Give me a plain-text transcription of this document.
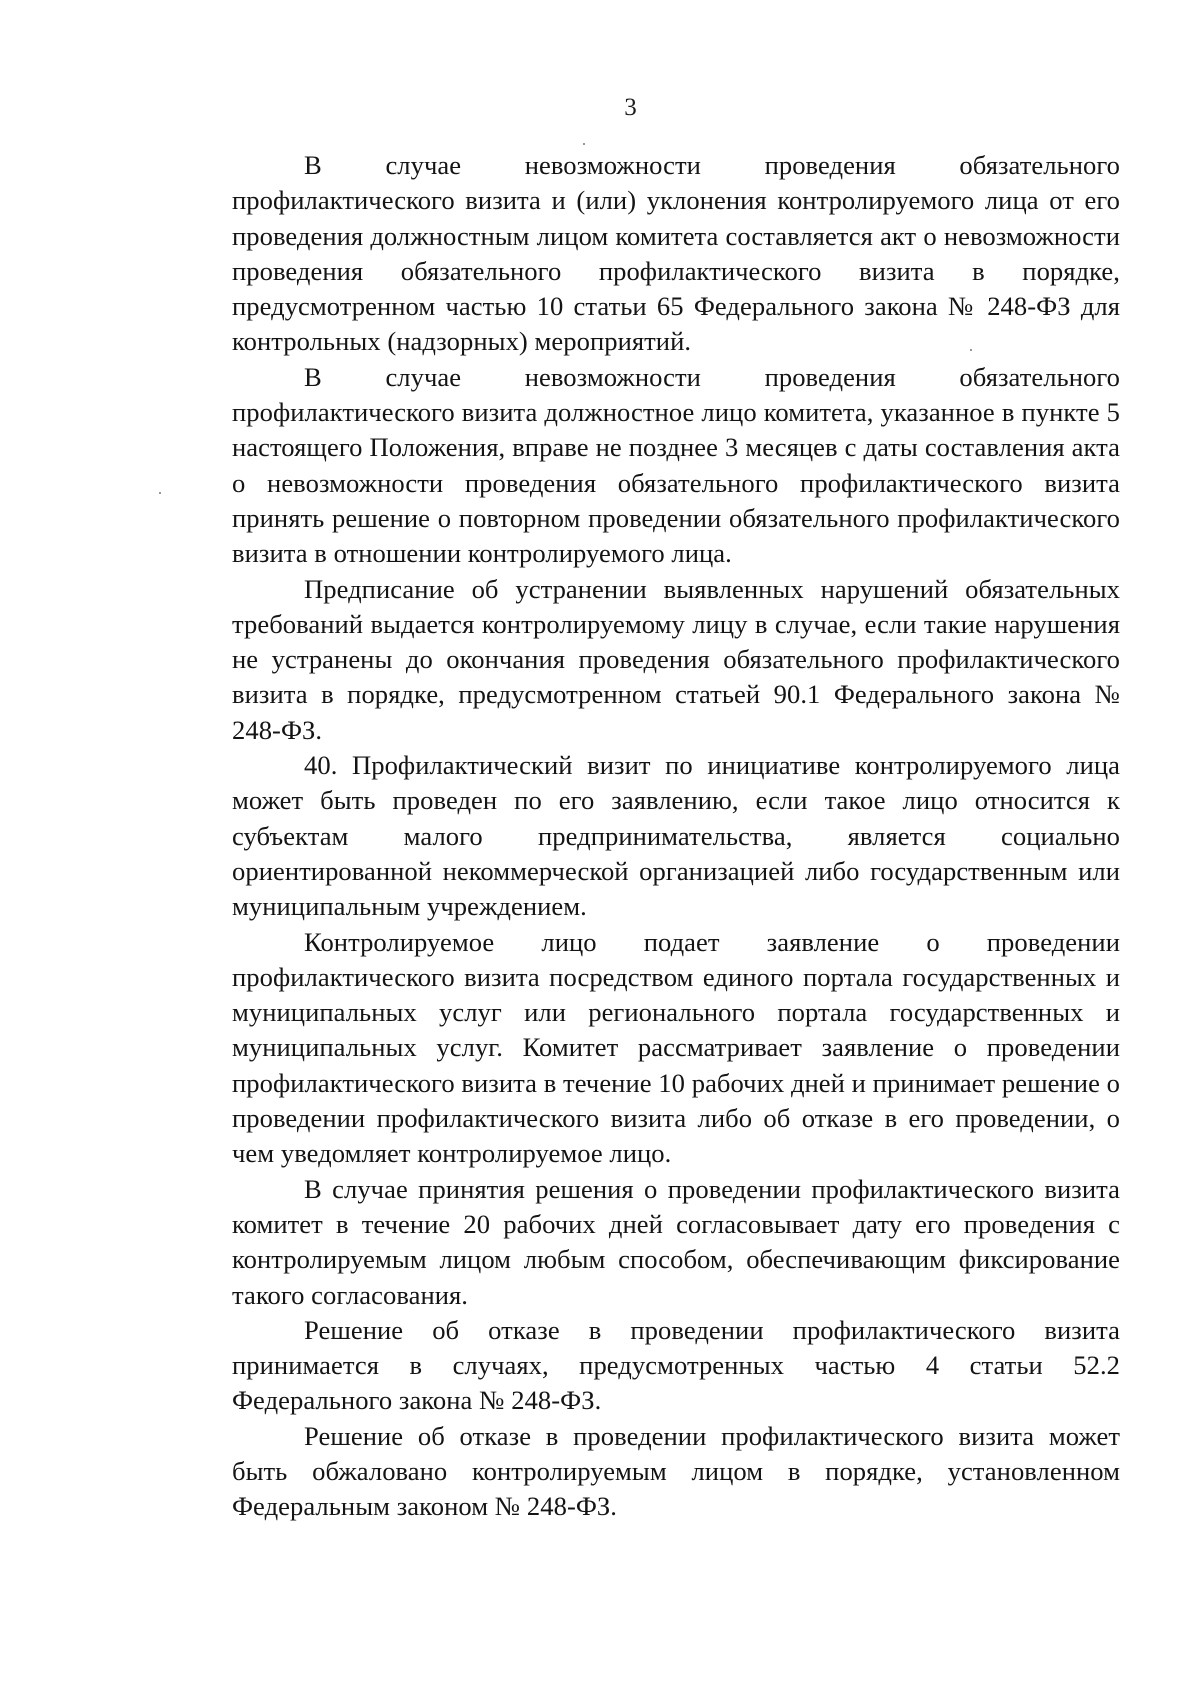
3

В случае невозможности проведения обязательного профилактического визита и (или) уклонения контролируемого лица от его проведения должностным лицом комитета составляется акт о невозможности проведения обязательного профилактического визита в порядке, предусмотренном частью 10 статьи 65 Федерального закона № 248-ФЗ для контрольных (надзорных) мероприятий.

В случае невозможности проведения обязательного профилактического визита должностное лицо комитета, указанное в пункте 5 настоящего Положения, вправе не позднее 3 месяцев с даты составления акта о невозможности проведения обязательного профилактического визита принять решение о повторном проведении обязательного профилактического визита в отношении контролируемого лица.

Предписание об устранении выявленных нарушений обязательных требований выдается контролируемому лицу в случае, если такие нарушения не устранены до окончания проведения обязательного профилактического визита в порядке, предусмотренном статьей 90.1 Федерального закона № 248-ФЗ.

40. Профилактический визит по инициативе контролируемого лица может быть проведен по его заявлению, если такое лицо относится к субъектам малого предпринимательства, является социально ориентированной некоммерческой организацией либо государственным или муниципальным учреждением.

Контролируемое лицо подает заявление о проведении профилактического визита посредством единого портала государственных и муниципальных услуг или регионального портала государственных и муниципальных услуг. Комитет рассматривает заявление о проведении профилактического визита в течение 10 рабочих дней и принимает решение о проведении профилактического визита либо об отказе в его проведении, о чем уведомляет контролируемое лицо.

В случае принятия решения о проведении профилактического визита комитет в течение 20 рабочих дней согласовывает дату его проведения с контролируемым лицом любым способом, обеспечивающим фиксирование такого согласования.

Решение об отказе в проведении профилактического визита принимается в случаях, предусмотренных частью 4 статьи 52.2 Федерального закона № 248-ФЗ.

Решение об отказе в проведении профилактического визита может быть обжаловано контролируемым лицом в порядке, установленном Федеральным законом № 248-ФЗ.
